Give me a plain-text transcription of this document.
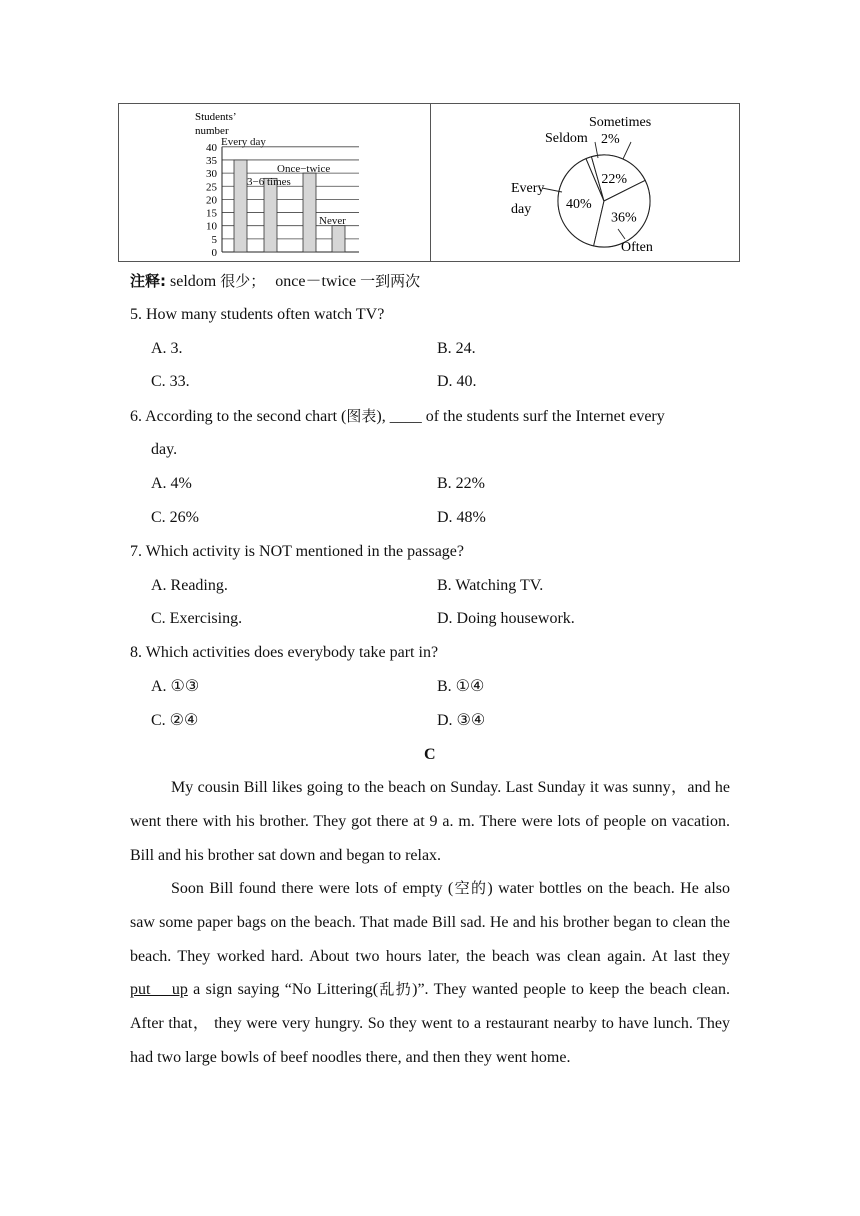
Students’
number
40
35
30
25
20
15
10
5
0
Every day
3−6 times
Once−twice
Never
40%
22%
36%
Every
day
Seldom
Sometimes
2%
Often
注释: seldom 很少； once－twice 一到两次
5. How many students often watch TV?
A. 3.	B. 24.
C. 33.	D. 40.
6. According to the second chart (图表), ____ of the students surf the Internet every
day.
A. 4%	B. 22%
C. 26%	D. 48%
7. Which activity is NOT mentioned in the passage?
A. Reading.	B. Watching TV.
C. Exercising.	D. Doing housework.
8. Which activities does everybody take part in?
A. ①③	B. ①④
C. ②④	D. ③④
C
My cousin Bill likes going to the beach on Sunday. Last Sunday it was sunny，and he went there with his brother. They got there at 9 a. m. There were lots of people on vacation. Bill and his brother sat down and began to relax.
Soon Bill found there were lots of empty (空的) water bottles on the beach. He also saw some paper bags on the beach. That made Bill sad. He and his brother began to clean the beach. They worked hard. About two hours later, the beach was clean again. At last they put    up a sign saying “No Littering(乱扔)”. They wanted people to keep the beach clean. After that， they were very hungry. So they went to a restaurant nearby to have lunch. They had two large bowls of beef noodles there, and then they went home.
